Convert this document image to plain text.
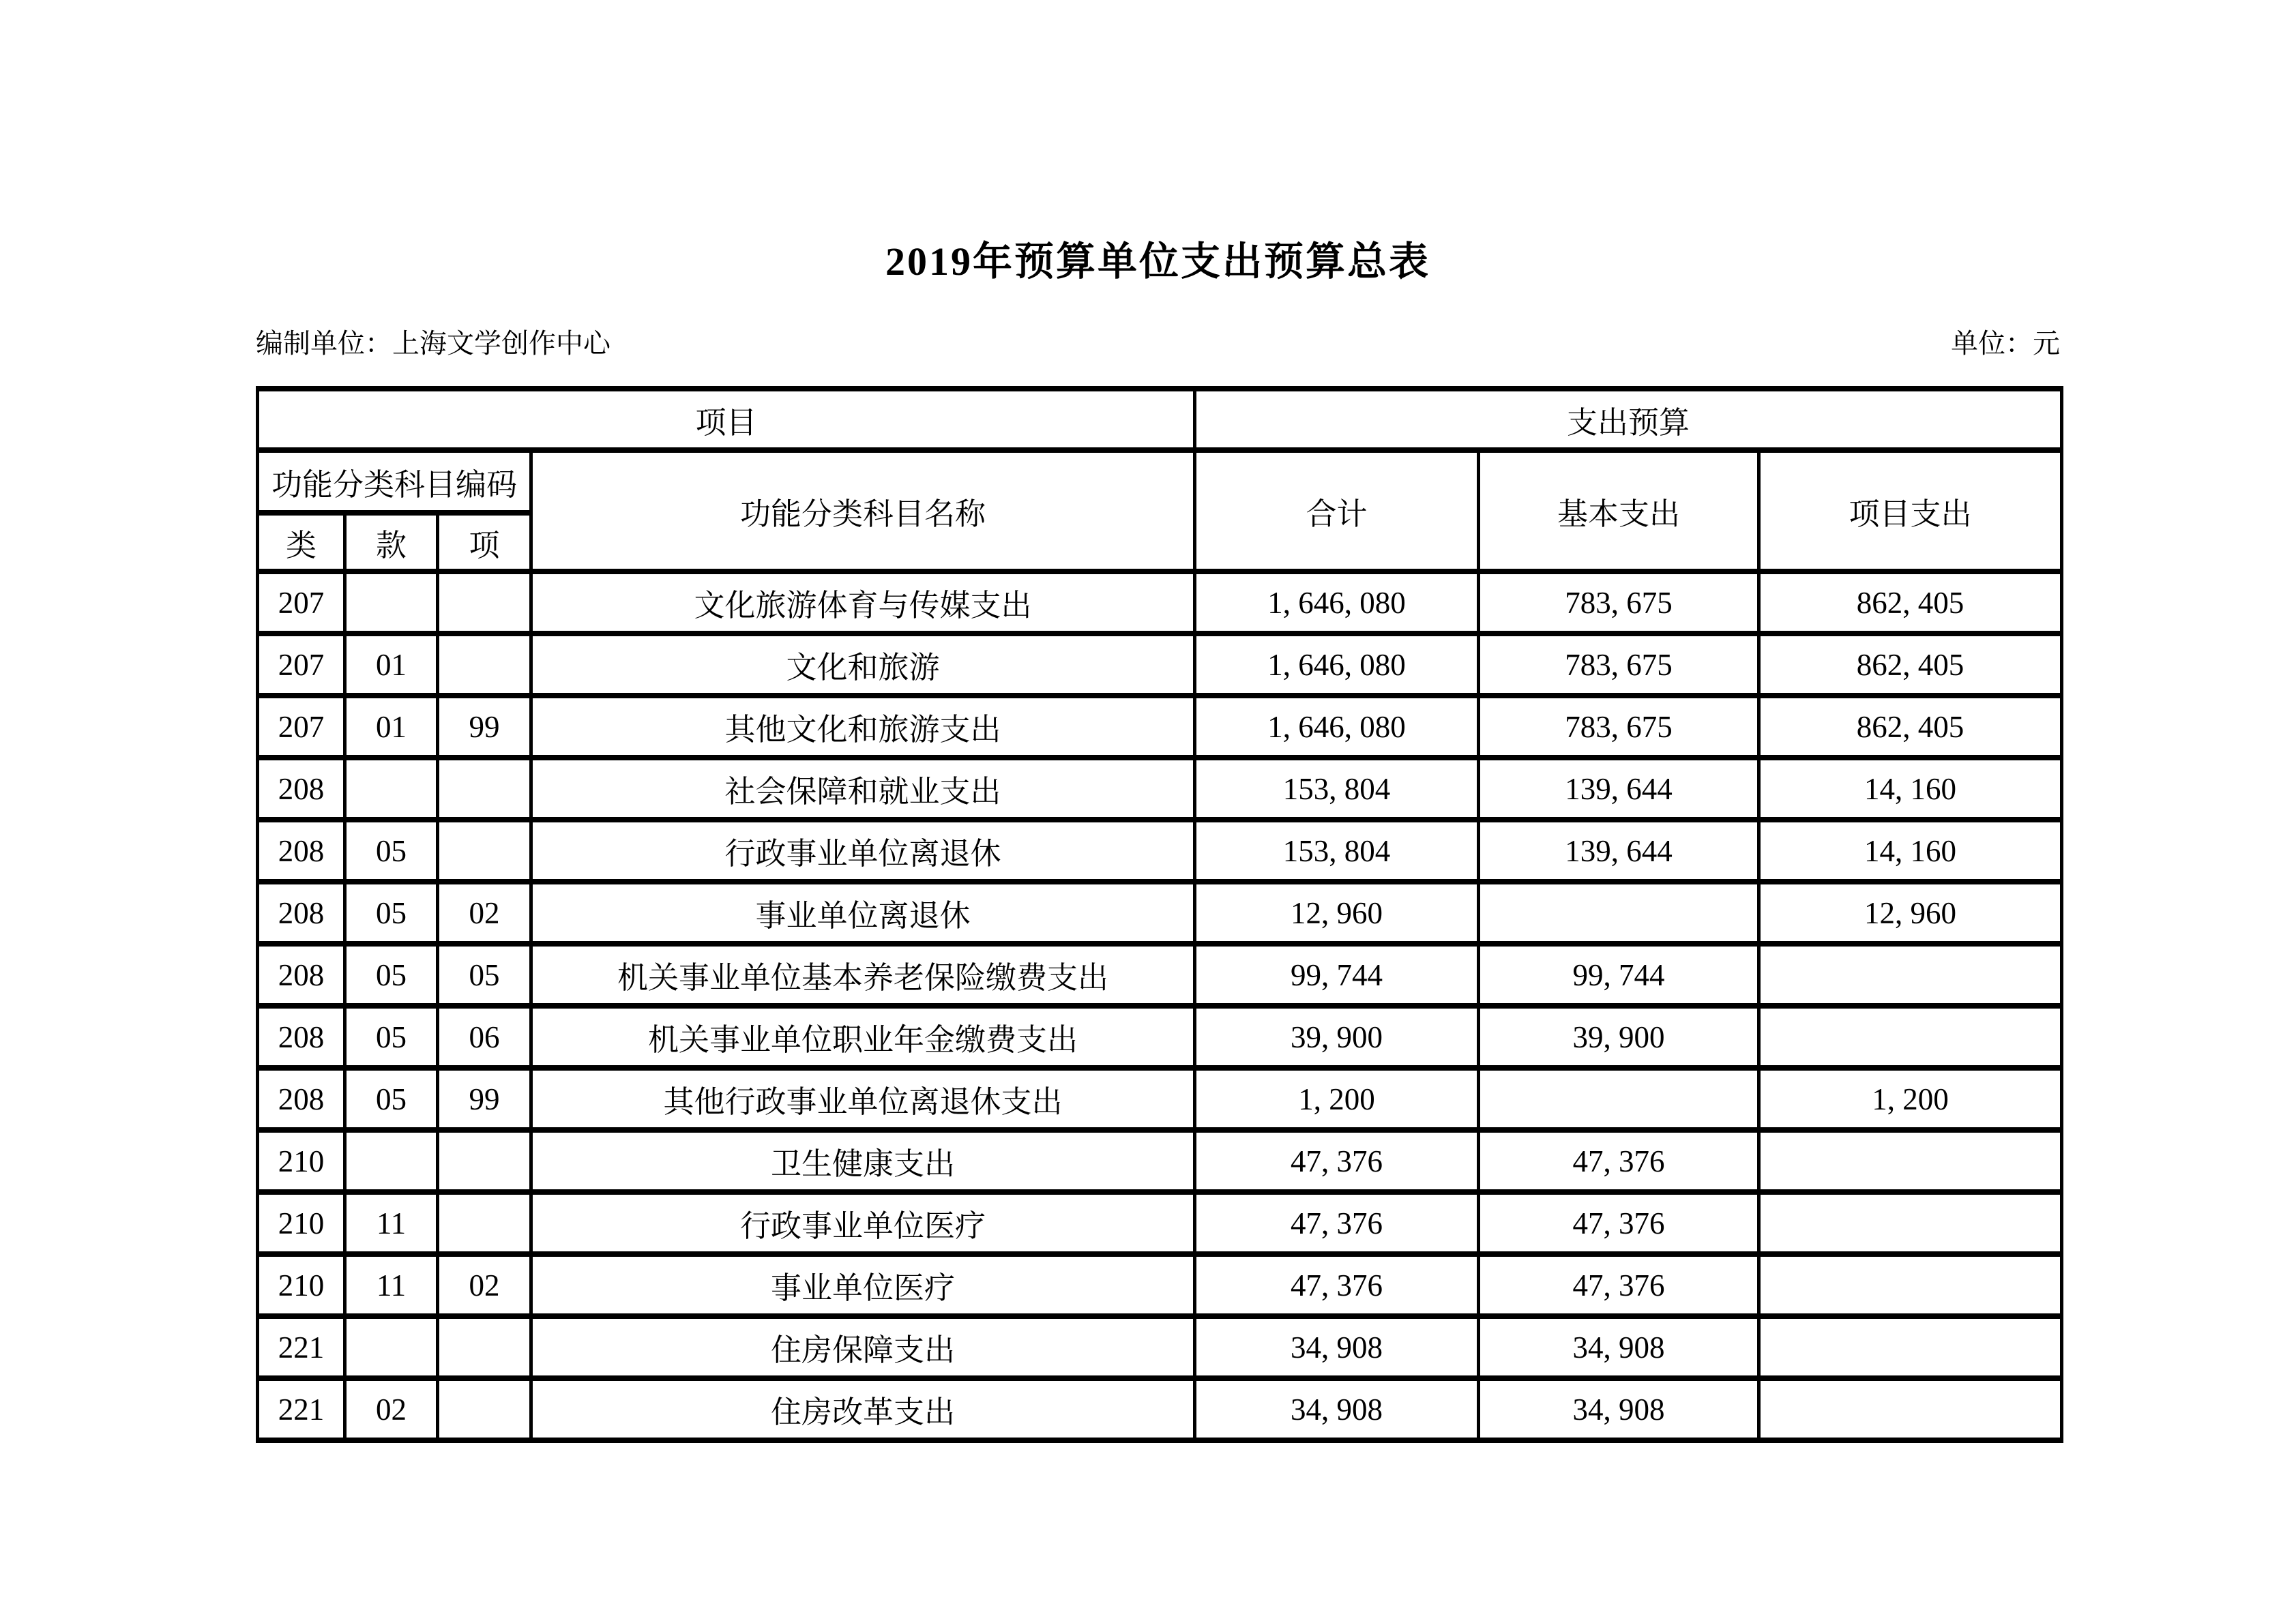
2019年预算单位支出预算总表
编制单位：上海文学创作中心	单位：元
项目				支出预算		
功能分类科目编码			功能分类科目名称	合计	基本支出	项目支出
类	款	项				
207			文化旅游体育与传媒支出	1, 646, 080	783, 675	862, 405
207	01		文化和旅游	1, 646, 080	783, 675	862, 405
207	01	99	其他文化和旅游支出	1, 646, 080	783, 675	862, 405
208			社会保障和就业支出	153, 804	139, 644	14, 160
208	05		行政事业单位离退休	153, 804	139, 644	14, 160
208	05	02	事业单位离退休	12, 960		12, 960
208	05	05	机关事业单位基本养老保险缴费支出	99, 744	99, 744	
208	05	06	机关事业单位职业年金缴费支出	39, 900	39, 900	
208	05	99	其他行政事业单位离退休支出	1, 200		1, 200
210			卫生健康支出	47, 376	47, 376	
210	11		行政事业单位医疗	47, 376	47, 376	
210	11	02	事业单位医疗	47, 376	47, 376	
221			住房保障支出	34, 908	34, 908	
221	02		住房改革支出	34, 908	34, 908	
